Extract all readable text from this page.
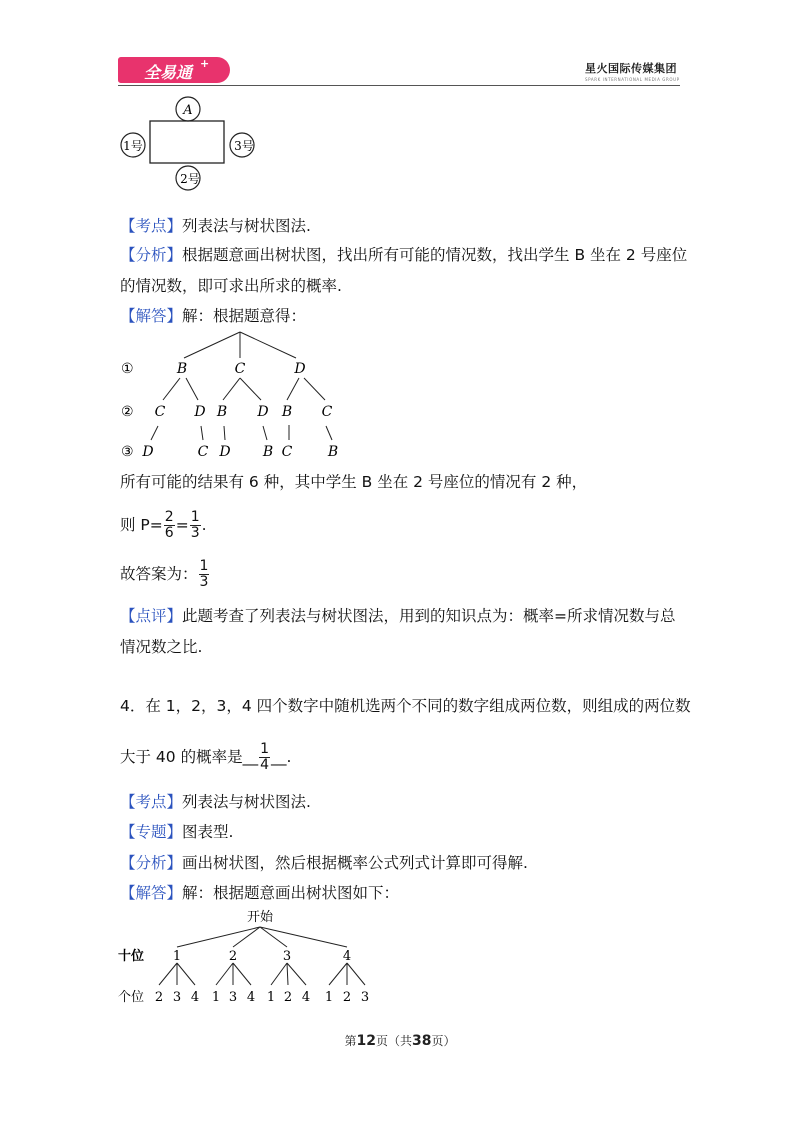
全易通 +	星火国际传媒集团
SPARK INTERNATIONAL MEDIA GROUP
A
1号	3号
2号
【考点】列表法与树状图法.
【分析】根据题意画出树状图，找出所有可能的情况数，找出学生 B 坐在 2 号座位
的情况数，即可求出所求的概率.
【解答】解：根据题意得：
①
②
③
B	C	D
C D B D B C
D	C D B C	B
所有可能的结果有 6 种，其中学生 B 坐在 2 号座位的情况有 2 种，
则 $P= \frac{2}{6} = \frac{1}{3}$ .
故答案为： $\frac{1}{3}$
【点评】此题考查了列表法与树状图法，用到的知识点为：概率=所求情况数与总
情况数之比.
4．在 1，2，3，4 四个数字中随机选两个不同的数字组成两位数，则组成的两位数
大于 40 的概率是__ $\frac{1}{4}$ __.
【考点】列表法与树状图法.
【专题】图表型.
【分析】画出树状图，然后根据概率公式列式计算即可得解.
【解答】解：根据题意画出树状图如下：
开始
十位
个位
1	2	3	4
2 3 4 1 3 4 1 2 4 1 2 3
第12页（共38页）
